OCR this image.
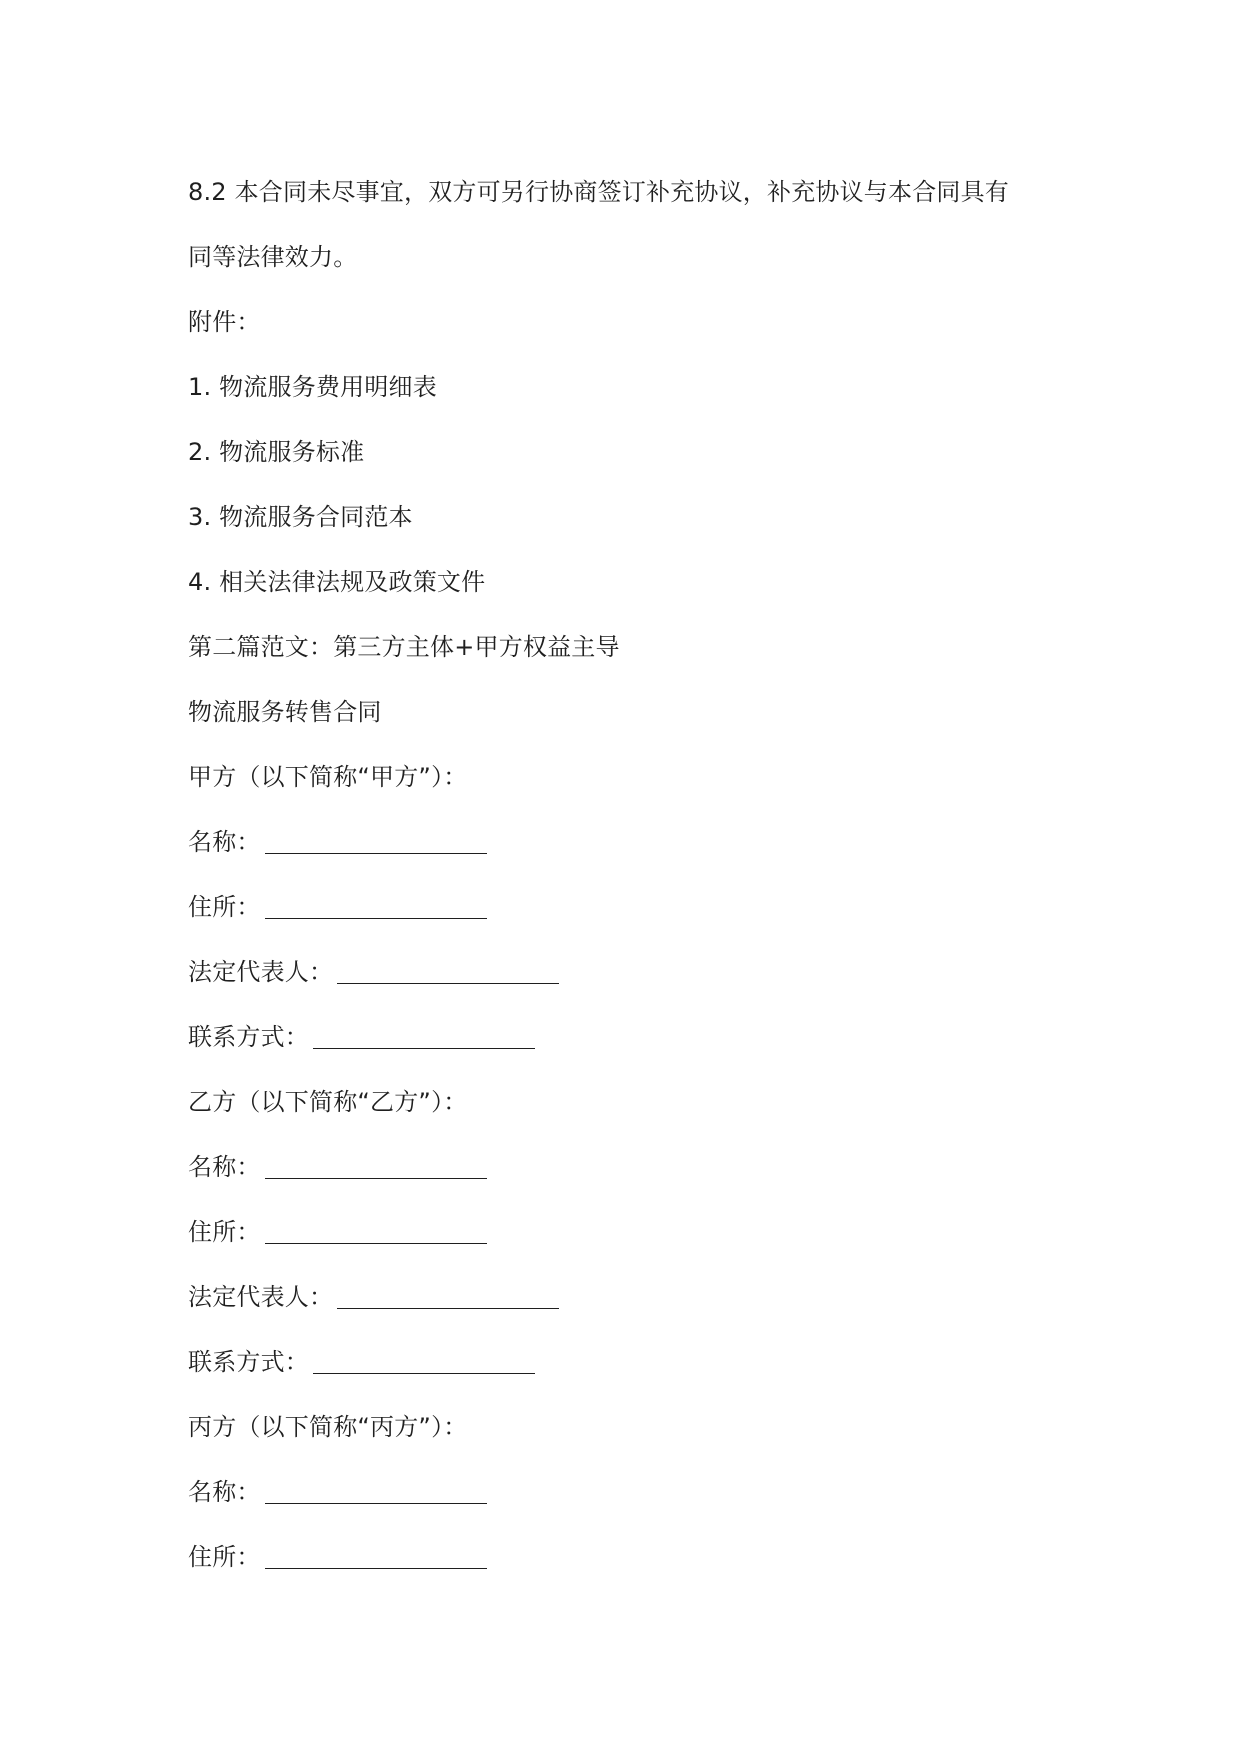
8.2 本合同未尽事宜，双方可另行协商签订补充协议，补充协议与本合同具有
同等法律效力。
附件：
1. 物流服务费用明细表
2. 物流服务标准
3. 物流服务合同范本
4. 相关法律法规及政策文件
第二篇范文：第三方主体+甲方权益主导
物流服务转售合同
甲方（以下简称“甲方”）：
名称：
住所：
法定代表人：
联系方式：
乙方（以下简称“乙方”）：
名称：
住所：
法定代表人：
联系方式：
丙方（以下简称“丙方”）：
名称：
住所：
